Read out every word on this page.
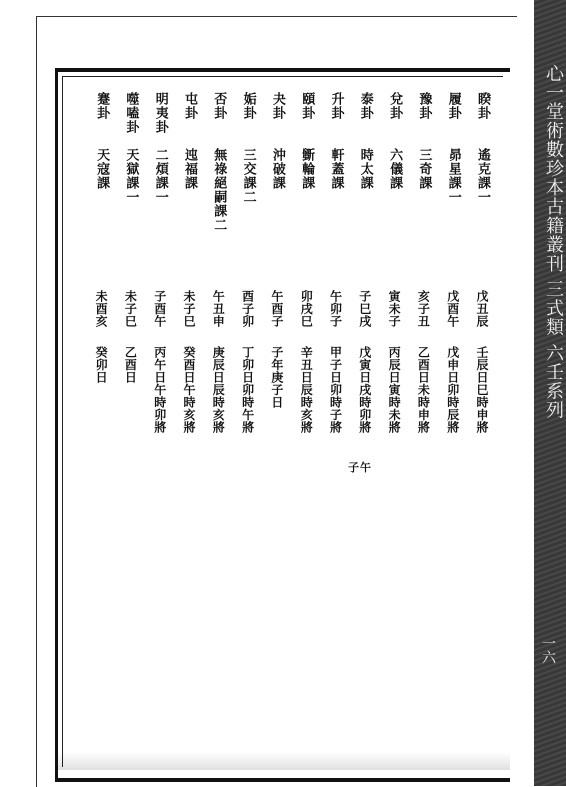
睽卦
遙克課一
戊丑辰
壬辰日巳時申將
履卦
昴星課一
戊酉午
戊申日卯時辰將
豫卦
三奇課
亥子丑
乙酉日未時申將
兌卦
六儀課
寅未子
丙辰日寅時未將
泰卦
時太課
子巳戌
戊寅日戌時卯將
升卦
軒蓋課
午卯子
甲子日卯時子將
頤卦
斵輪課
卯戌巳
辛丑日辰時亥將
夬卦
沖破課
午酉子
子年庚子日
姤卦
三交課二
酉子卯
丁卯日卯時午將
否卦
無祿絕嗣課二
午丑申
庚辰日辰時亥將
屯卦
迍福課
未子巳
癸酉日午時亥將
明夷卦
二煩課一
子酉午
丙午日午時卯將
噬嗑卦
天獄課一
未子巳
乙酉日
蹇卦
天寇課
未酉亥
癸卯日
子午
心一堂術數珍本古籍叢刊 三式類 六壬系列
一六
